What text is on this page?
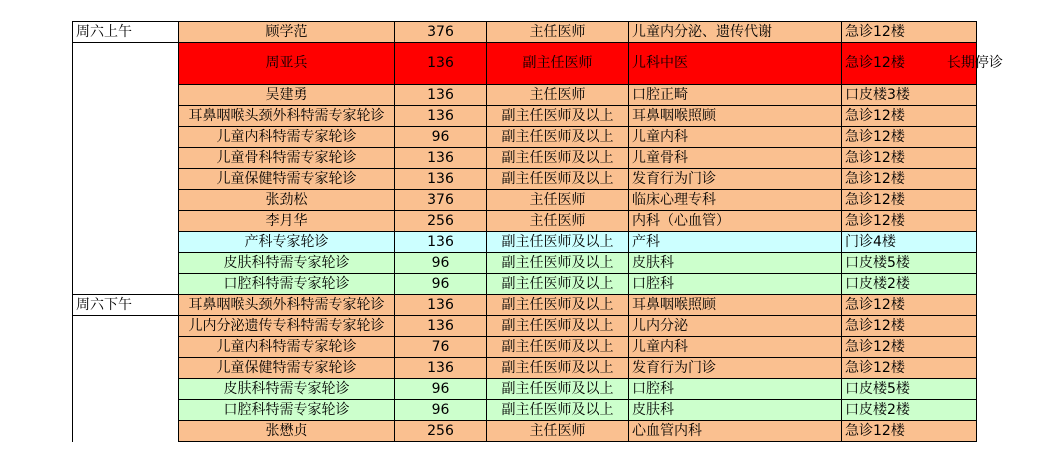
周六上午	顾学范	376	主任医师	儿童内分泌、遗传代谢	急诊12楼
	周亚兵	136	副主任医师	儿科中医	急诊12楼　　　长期停诊
	吴建勇	136	主任医师	口腔正畸	口皮楼3楼
	耳鼻咽喉头颈外科特需专家轮诊	136	副主任医师及以上	耳鼻咽喉照顾	急诊12楼
	儿童内科特需专家轮诊	96	副主任医师及以上	儿童内科	急诊12楼
	儿童骨科特需专家轮诊	136	副主任医师及以上	儿童骨科	急诊12楼
	儿童保健特需专家轮诊	136	副主任医师及以上	发育行为门诊	急诊12楼
	张劲松	376	主任医师	临床心理专科	急诊12楼
	李月华	256	主任医师	内科（心血管）	急诊12楼
	产科专家轮诊	136	副主任医师及以上	产科	门诊4楼
	皮肤科特需专家轮诊	96	副主任医师及以上	皮肤科	口皮楼5楼
	口腔科特需专家轮诊	96	副主任医师及以上	口腔科	口皮楼2楼
周六下午	耳鼻咽喉头颈外科特需专家轮诊	136	副主任医师及以上	耳鼻咽喉照顾	急诊12楼
	儿内分泌遗传专科特需专家轮诊	136	副主任医师及以上	儿内分泌	急诊12楼
	儿童内科特需专家轮诊	76	副主任医师及以上	儿童内科	急诊12楼
	儿童保健特需专家轮诊	136	副主任医师及以上	发育行为门诊	急诊12楼
	皮肤科特需专家轮诊	96	副主任医师及以上	口腔科	口皮楼5楼
	口腔科特需专家轮诊	96	副主任医师及以上	皮肤科	口皮楼2楼
	张懋贞	256	主任医师	心血管内科	急诊12楼
